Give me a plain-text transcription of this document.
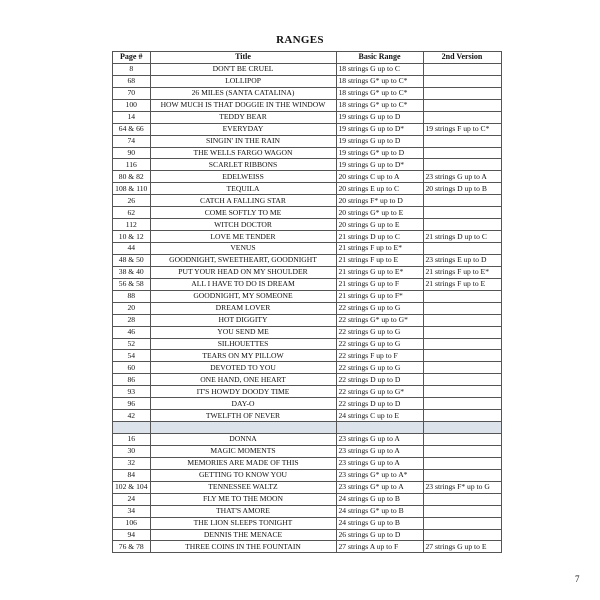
RANGES
Page #	Title	Basic Range	2nd Version
8	DON'T BE CRUEL	18 strings G up to C	
68	LOLLIPOP	18 strings G* up to C*	
70	26 MILES (SANTA CATALINA)	18 strings G* up to C*	
100	HOW MUCH IS THAT DOGGIE IN THE WINDOW	18 strings G* up to C*	
14	TEDDY BEAR	19 strings G up to D	
64 & 66	EVERYDAY	19 strings G up to D*	19 strings F up to C*
74	SINGIN' IN THE RAIN	19 strings G up to D	
90	THE WELLS FARGO WAGON	19 strings G* up to D	
116	SCARLET RIBBONS	19 strings G up to D*	
80 & 82	EDELWEISS	20 strings C up to A	23 strings G up to A
108 & 110	TEQUILA	20 strings E up to C	20 strings D up to B
26	CATCH A FALLING STAR	20 strings F* up to D	
62	COME SOFTLY TO ME	20 strings G* up to E	
112	WITCH DOCTOR	20 strings G up to E	
10 & 12	LOVE ME TENDER	21 strings D up to C	21 strings D up to C
44	VENUS	21 strings F up to E*	
48 & 50	GOODNIGHT, SWEETHEART, GOODNIGHT	21 strings F up to E	23 strings E up to D
38 & 40	PUT YOUR HEAD ON MY SHOULDER	21 strings G up to E*	21 strings F up to E*
56 & 58	ALL I HAVE TO DO IS DREAM	21 strings G up to F	21 strings F up to E
88	GOODNIGHT, MY SOMEONE	21 strings G up to F*	
20	DREAM LOVER	22 strings G up to G	
28	HOT DIGGITY	22 strings G* up to G*	
46	YOU SEND ME	22 strings G up to G	
52	SILHOUETTES	22 strings G up to G	
54	TEARS ON MY PILLOW	22 strings F up to F	
60	DEVOTED TO YOU	22 strings G up to G	
86	ONE HAND, ONE HEART	22 strings D up to D	
93	IT'S HOWDY DOODY TIME	22 strings G up to G*	
96	DAY-O	22 strings D up to D	
42	TWELFTH OF NEVER	24 strings C up to E	

16	DONNA	23 strings G up to A	
30	MAGIC MOMENTS	23 strings G up to A	
32	MEMORIES ARE MADE OF THIS	23 strings G up to A	
84	GETTING TO KNOW YOU	23 strings G* up to A*	
102 & 104	TENNESSEE WALTZ	23 strings G* up to A	23 strings F* up to G
24	FLY ME TO THE MOON	24 strings G up to B	
34	THAT'S AMORE	24 strings G* up to B	
106	THE LION SLEEPS TONIGHT	24 strings G up to B	
94	DENNIS THE MENACE	26 strings G up to D	
76 & 78	THREE COINS IN THE FOUNTAIN	27 strings A up to F	27 strings G up to E
7
